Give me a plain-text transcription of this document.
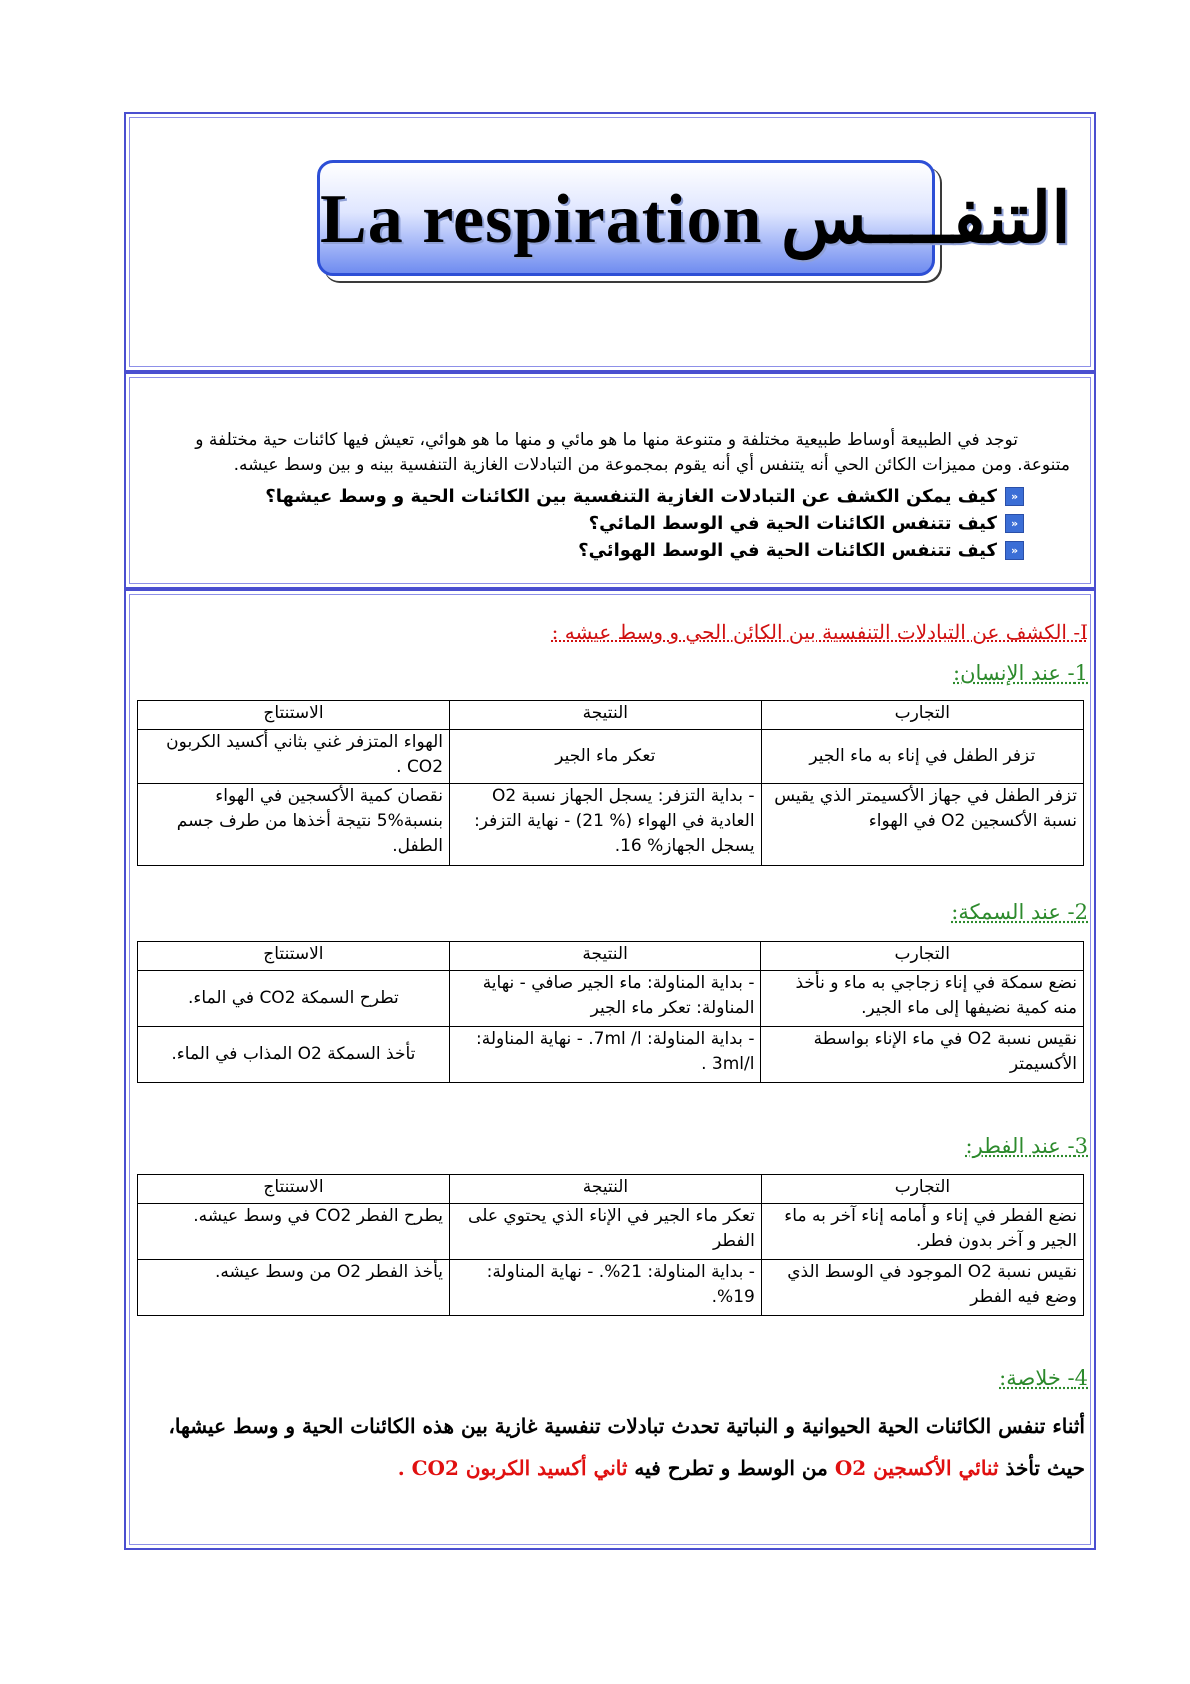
La respiration التنفــــس
توجد في الطبيعة أوساط طبيعية مختلفة و متنوعة منها ما هو مائي و منها ما هو هوائي، تعيش فيها كائنات حية مختلفة و متنوعة. ومن مميزات الكائن الحي أنه يتنفس أي أنه يقوم بمجموعة من التبادلات الغازية التنفسية بينه و بين وسط عيشه.
«
كيف يمكن الكشف عن التبادلات الغازية التنفسية بين الكائنات الحية و وسط عيشها؟
«
كيف تتنفس الكائنات الحية في الوسط المائي؟
«
كيف تتنفس الكائنات الحية في الوسط الهوائي؟
I- الكشف عن التبادلات التنفسية بين الكائن الحي و وسط عيشه :
1- عند الإنسان:
التجارب	النتيجة	الاستنتاج
تزفر الطفل في إناء به ماء الجير	تعكر ماء الجير	الهواء المتزفر غني بثاني أكسيد الكربون CO2 .
تزفر الطفل في جهاز الأكسيمتر الذي يقيس نسبة الأكسجين O2 في الهواء	- بداية التزفر: يسجل الجهاز نسبة O2 العادية في الهواء (% 21) - نهاية التزفر: يسجل الجهاز% 16.	نقصان كمية الأكسجين في الهواء بنسبة%5 نتيجة أخذها من طرف جسم الطفل.
2- عند السمكة:
التجارب	النتيجة	الاستنتاج
نضع سمكة في إناء زجاجي به ماء و نأخذ منه كمية نضيفها إلى ماء الجير.	- بداية المناولة: ماء الجير صافي - نهاية المناولة: تعكر ماء الجير	تطرح السمكة CO2 في الماء.
نقيس نسبة O2 في ماء الإناء بواسطة الأكسيمتر	- بداية المناولة: 7ml /l. - نهاية المناولة: 3ml/l .	تأخذ السمكة O2 المذاب في الماء.
3- عند الفطر:
التجارب	النتيجة	الاستنتاج
نضع الفطر في إناء و أمامه إناء آخر به ماء الجير و آخر بدون فطر.	تعكر ماء الجير في الإناء الذي يحتوي على الفطر	يطرح الفطر CO2 في وسط عيشه.
نقيس نسبة O2 الموجود في الوسط الذي وضع فيه الفطر	- بداية المناولة: 21%. - نهاية المناولة: 19%.	يأخذ الفطر O2 من وسط عيشه.
4- خلاصة:
أثناء تنفس الكائنات الحية الحيوانية و النباتية تحدث تبادلات تنفسية غازية بين هذه الكائنات الحية و وسط عيشها، حيث تأخذ ثنائي الأكسجين O2 من الوسط و تطرح فيه ثاني أكسيد الكربون CO2 .
